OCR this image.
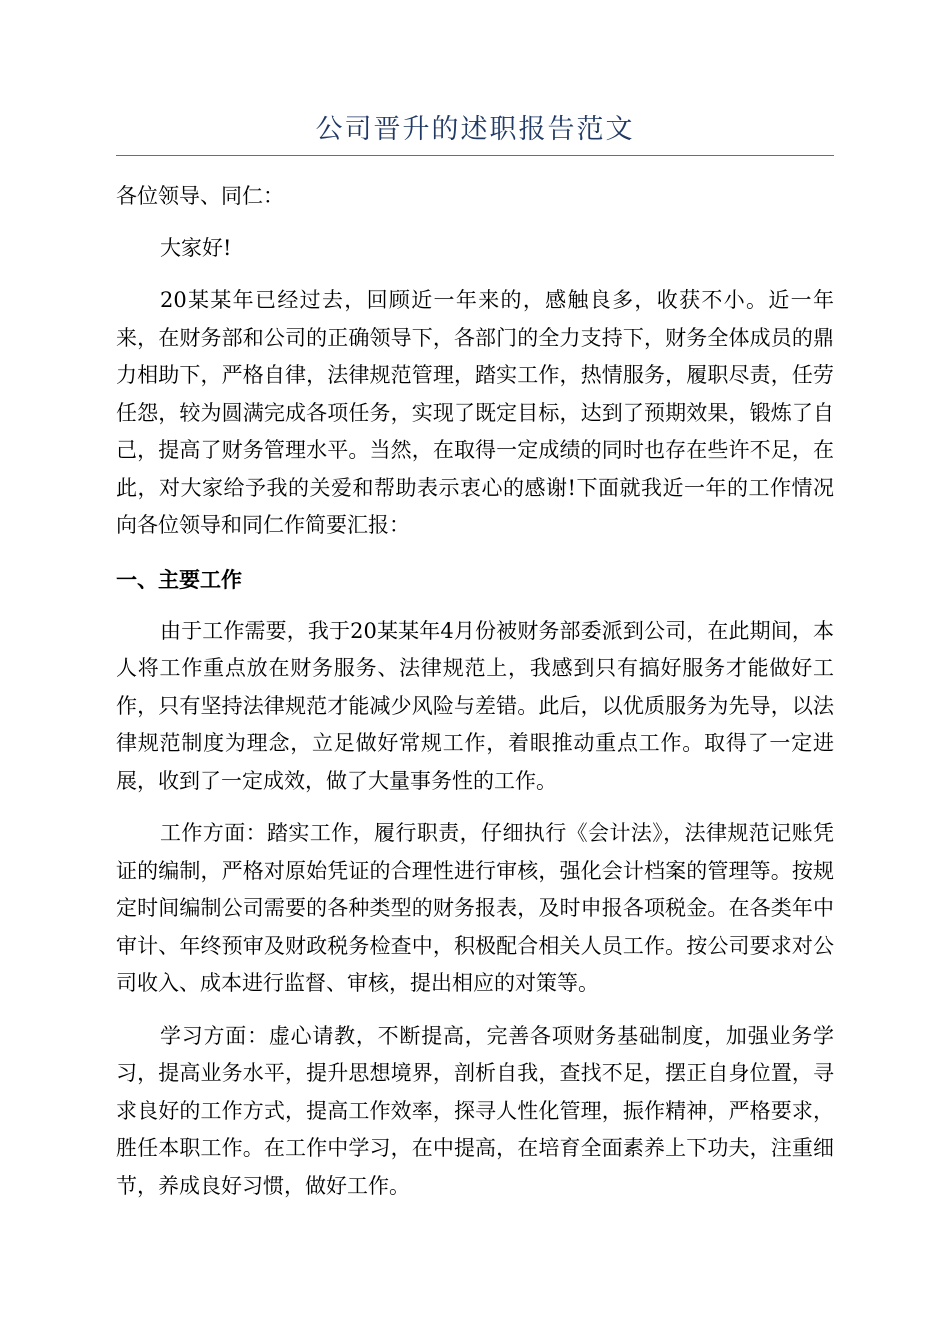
公司晋升的述职报告范文

各位领导、同仁：

大家好!

20某某年已经过去，回顾近一年来的，感触良多，收获不小。近一年来，在财务部和公司的正确领导下，各部门的全力支持下，财务全体成员的鼎力相助下，严格自律，法律规范管理，踏实工作，热情服务，履职尽责，任劳任怨，较为圆满完成各项任务，实现了既定目标，达到了预期效果，锻炼了自己，提高了财务管理水平。当然，在取得一定成绩的同时也存在些许不足，在此，对大家给予我的关爱和帮助表示衷心的感谢!下面就我近一年的工作情况向各位领导和同仁作简要汇报：

一、主要工作

由于工作需要，我于20某某年4月份被财务部委派到公司，在此期间，本人将工作重点放在财务服务、法律规范上，我感到只有搞好服务才能做好工作，只有坚持法律规范才能减少风险与差错。此后，以优质服务为先导，以法律规范制度为理念，立足做好常规工作，着眼推动重点工作。取得了一定进展，收到了一定成效，做了大量事务性的工作。

工作方面：踏实工作，履行职责，仔细执行《会计法》，法律规范记账凭证的编制，严格对原始凭证的合理性进行审核，强化会计档案的管理等。按规定时间编制公司需要的各种类型的财务报表，及时申报各项税金。在各类年中审计、年终预审及财政税务检查中，积极配合相关人员工作。按公司要求对公司收入、成本进行监督、审核，提出相应的对策等。

学习方面：虚心请教，不断提高，完善各项财务基础制度，加强业务学习，提高业务水平，提升思想境界，剖析自我，查找不足，摆正自身位置，寻求良好的工作方式，提高工作效率，探寻人性化管理，振作精神，严格要求，胜任本职工作。在工作中学习，在中提高，在培育全面素养上下功夫，注重细节，养成良好习惯，做好工作。
